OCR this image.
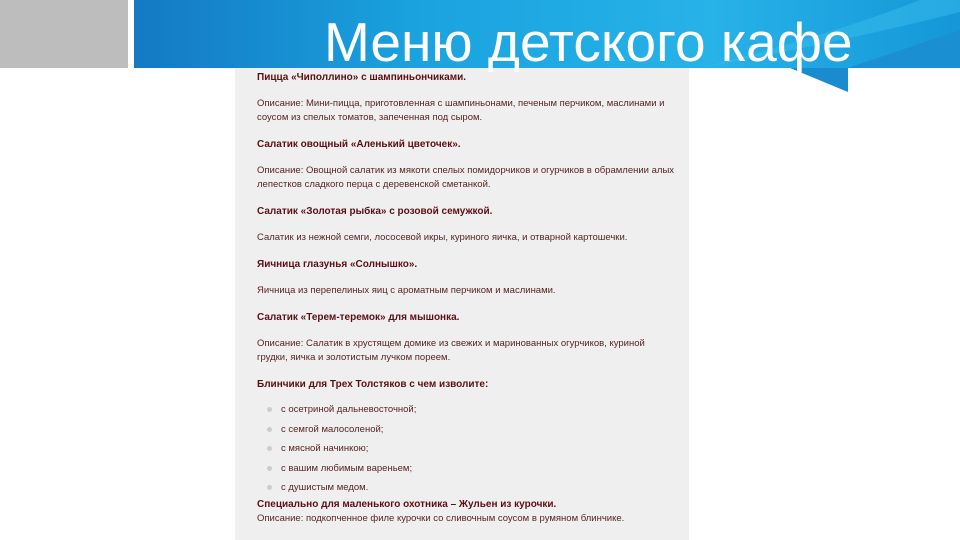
Меню детского кафе

Пицца «Чиполлино» с шампиньончиками.

Описание: Мини-пицца, приготовленная с шампиньонами, печеным перчиком, маслинами и соусом из спелых томатов, запеченная под сыром.

Салатик овощный «Аленький цветочек».

Описание: Овощной салатик из мякоти спелых помидорчиков и огурчиков в обрамлении алых лепестков сладкого перца с деревенской сметанкой.

Салатик «Золотая рыбка» с розовой семужкой.

Салатик из нежной семги, лососевой икры, куриного яичка, и отварной картошечки.

Яичница глазунья «Солнышко».

Яичница из перепелиных яиц с ароматным перчиком и маслинами.

Салатик «Терем-теремок» для мышонка.

Описание: Салатик в хрустящем домике из свежих и маринованных огурчиков, куриной грудки, яичка и золотистым лучком пореем.

Блинчики для Трех Толстяков с чем изволите:

с осетриной дальневосточной;
с семгой малосоленой;
с мясной начинкою;
с вашим любимым вареньем;
с душистым медом.

Специально для маленького охотника – Жульен из курочки.

Описание: подкопченное филе курочки со сливочным соусом в румяном блинчике.
